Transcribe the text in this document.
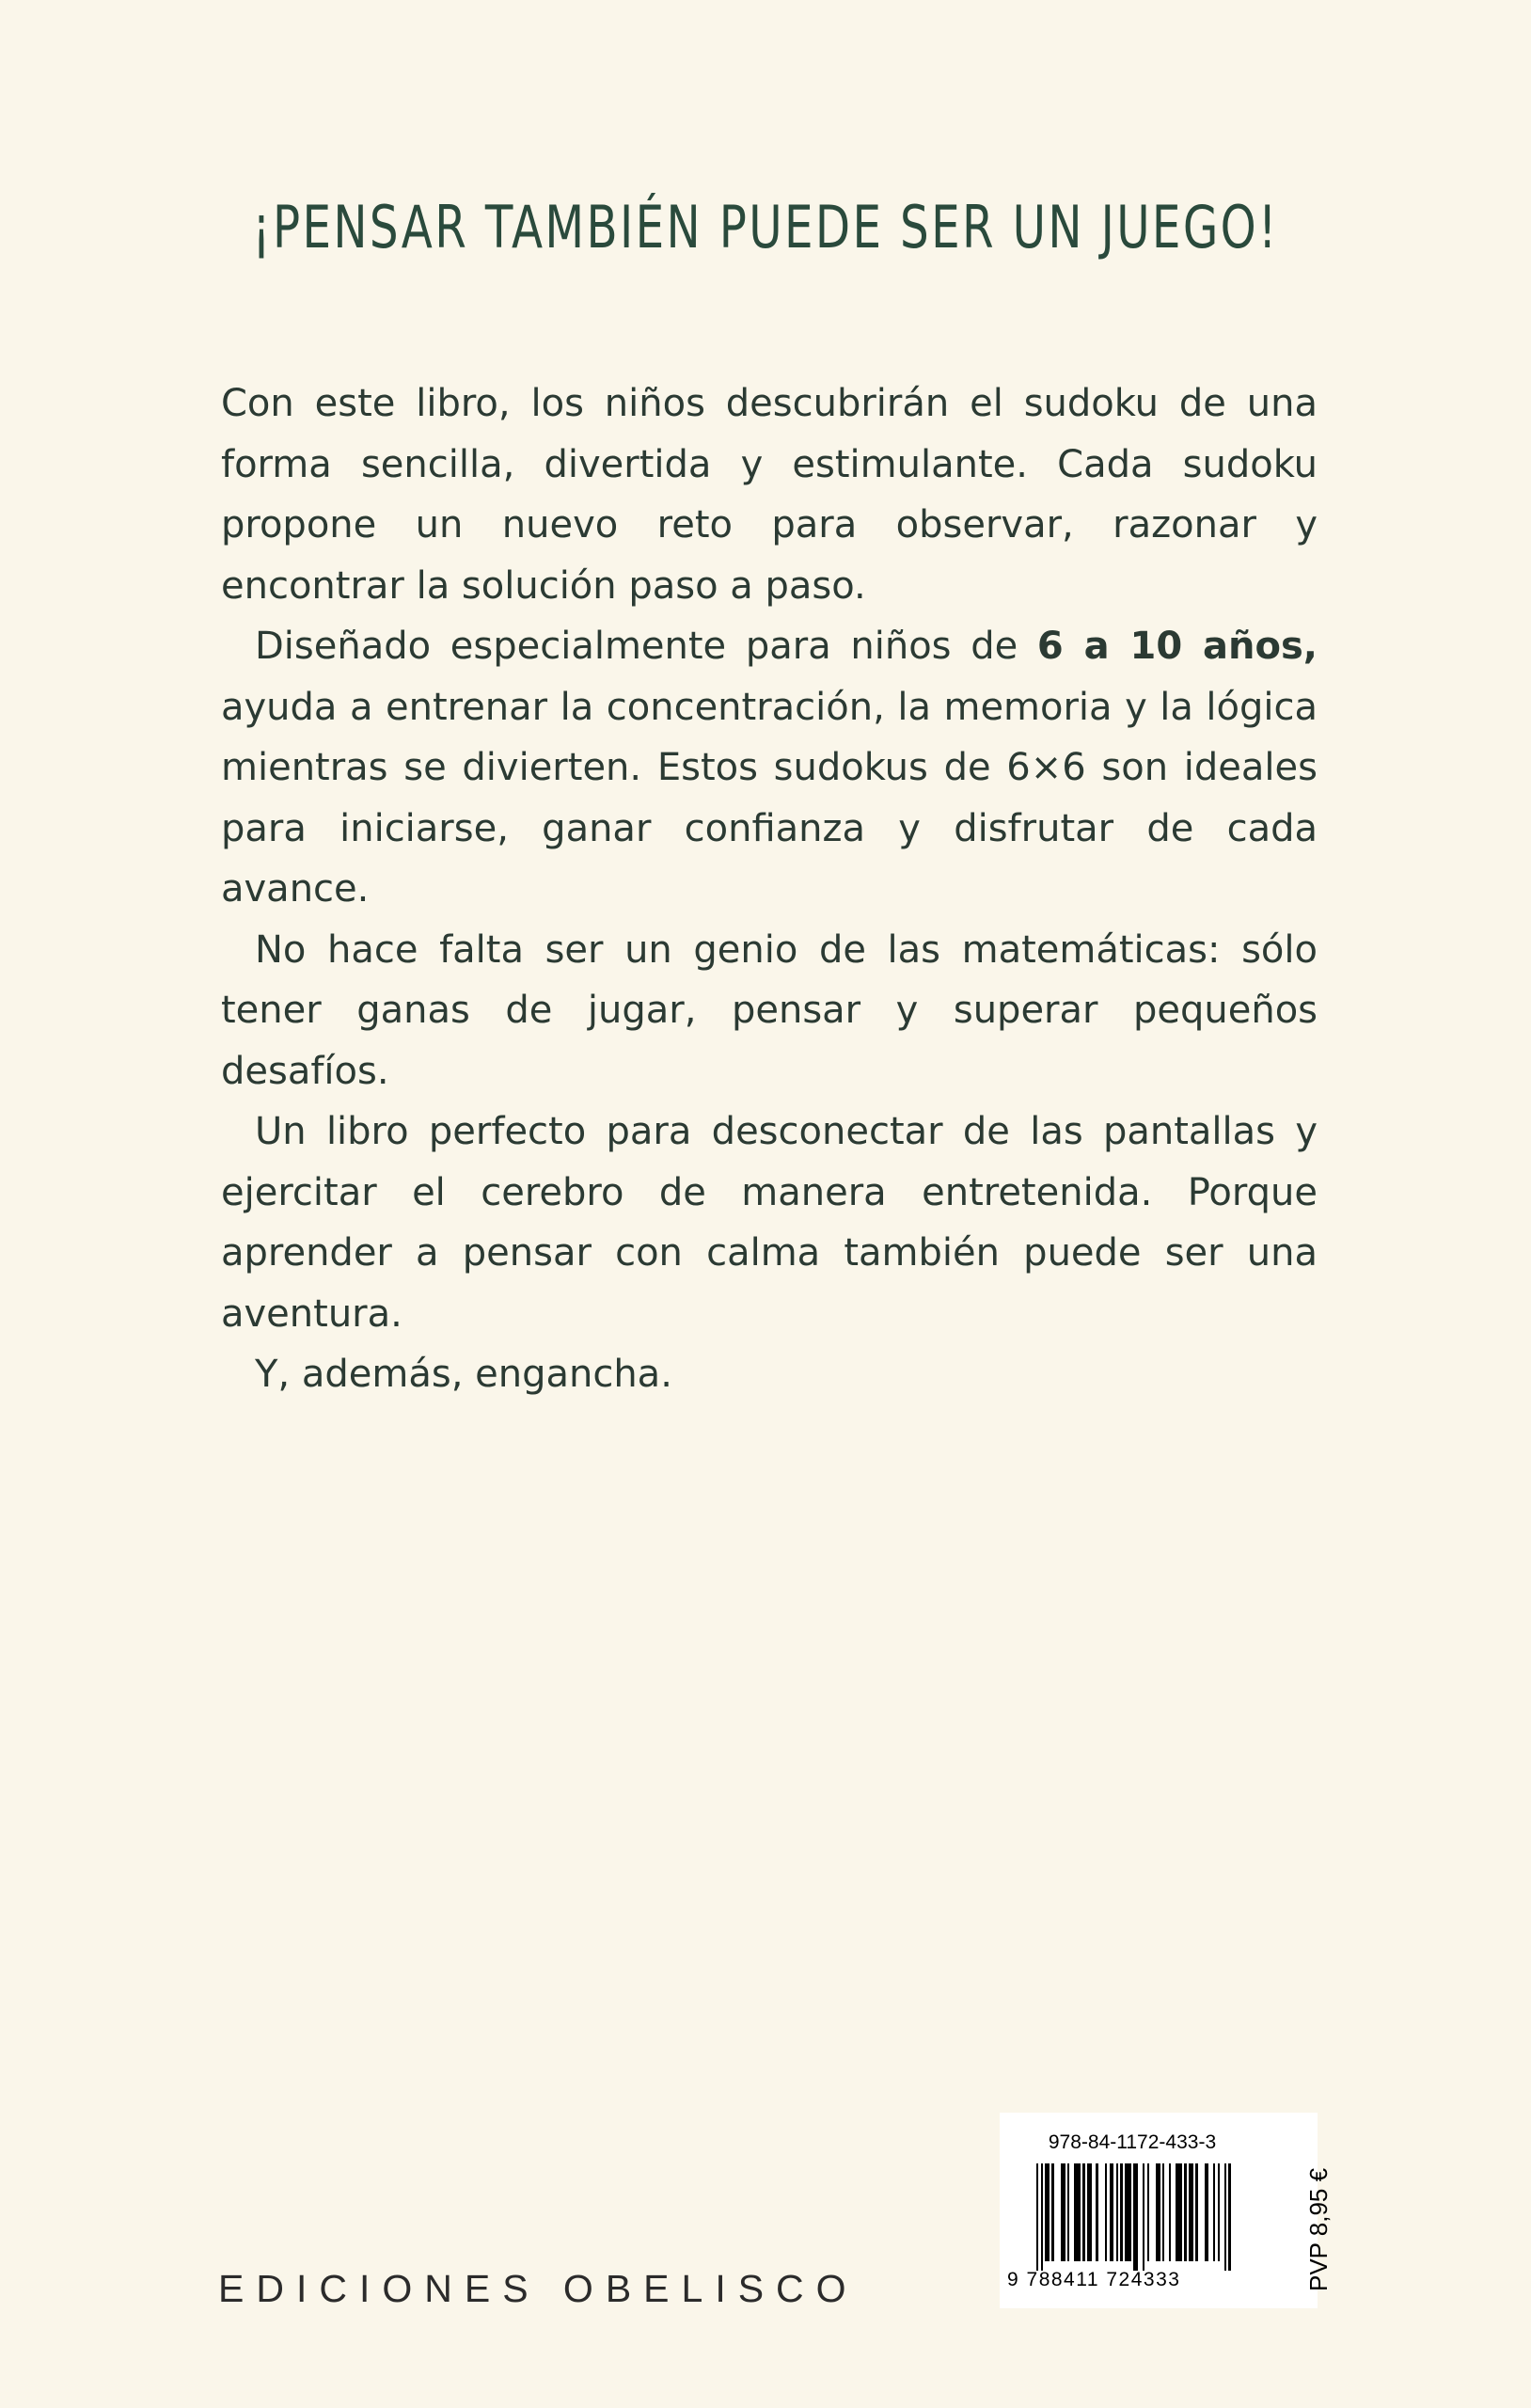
¡PENSAR TAMBIÉN PUEDE SER UN JUEGO!

Con este libro, los niños descubrirán el sudoku de una forma sencilla, divertida y estimulante. Cada sudoku propone un nuevo reto para observar, razonar y encontrar la solución paso a paso.

Diseñado especialmente para niños de 6 a 10 años, ayuda a entrenar la concentración, la memoria y la lógica mientras se divierten. Estos sudokus de 6×6 son ideales para iniciarse, ganar confianza y disfrutar de cada avance.

No hace falta ser un genio de las matemáticas: sólo tener ganas de jugar, pensar y superar pequeños desafíos.

Un libro perfecto para desconectar de las pantallas y ejercitar el cerebro de manera entretenida. Porque aprender a pensar con calma también puede ser una aventura.

Y, además, engancha.

EDICIONES OBELISCO
978-84-1172-433-3
9 788411 724333	PVP 8,95 €
